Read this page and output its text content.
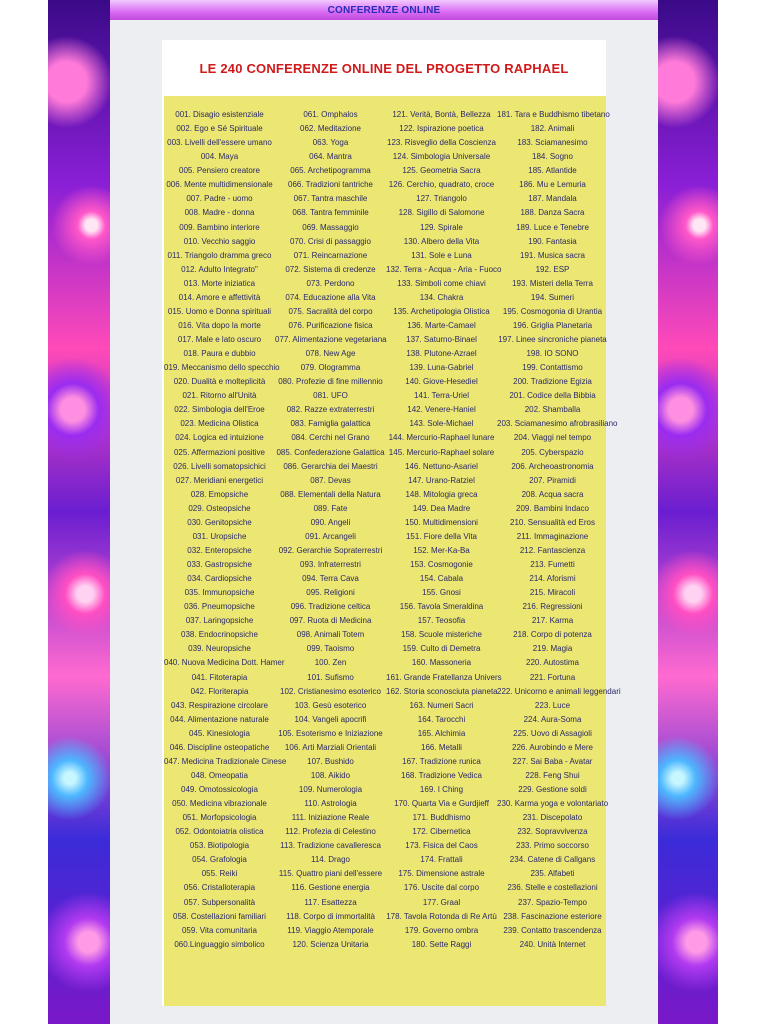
CONFERENZE ONLINE
LE 240 CONFERENZE ONLINE DEL PROGETTO RAPHAEL
001. Disagio esistenziale
002. Ego e Sé Spirituale
003. Livelli dell'essere umano
004. Maya
005. Pensiero creatore
006. Mente multidimensionale
007. Padre - uomo
008. Madre - donna
009. Bambino interiore
010. Vecchio saggio
011. Triangolo dramma greco
012. Adulto Integrato"
013. Morte iniziatica
014. Amore e affettività
015. Uomo e Donna spirituali
016. Vita dopo la morte
017. Male e lato oscuro
018. Paura e dubbio
019. Meccanismo dello specchio
020. Dualità e molteplicità
021. Ritorno all'Unità
022. Simbologia dell'Eroe
023. Medicina Olistica
024. Logica ed intuizione
025. Affermazioni positive
026. Livelli somatopsichici
027. Meridiani energetici
028. Emopsiche
029. Osteopsiche
030. Genitopsiche
031. Uropsiche
032. Enteropsiche
033. Gastropsiche
034. Cardiopsiche
035. Immunopsiche
036. Pneumopsiche
037. Laringopsiche
038. Endocrinopsiche
039. Neuropsiche
040. Nuova Medicina Dott. Hamer
041. Fitoterapia
042. Floriterapia
043. Respirazione circolare
044. Alimentazione naturale
045. Kinesiologia
046. Discipline osteopatiche
047. Medicina Tradizionale Cinese
048. Omeopatia
049. Omotossicologia
050. Medicina vibrazionale
051. Morfopsicologia
052. Odontoiatria olistica
053. Biotipologia
054. Grafologia
055. Reiki
056. Cristalloterapia
057. Subpersonalità
058. Costellazioni familiari
059. Vita comunitaria
060.Linguaggio simbolico
061. Omphalos
062. Meditazione
063. Yoga
064. Mantra
065. Archetipogramma
066. Tradizioni tantriche
067. Tantra maschile
068. Tantra femminile
069. Massaggio
070. Crisi di passaggio
071. Reincarnazione
072. Sistema di credenze
073. Perdono
074. Educazione alla Vita
075. Sacralità del corpo
076. Purificazione fisica
077. Alimentazione vegetariana
078. New Age
079. Ologramma
080. Profezie di fine millennio
081. UFO
082. Razze extraterrestri
083. Famiglia galattica
084. Cerchi nel Grano
085. Confederazione Galattica
086. Gerarchia dei Maestri
087. Devas
088. Elementali della Natura
089. Fate
090. Angeli
091. Arcangeli
092. Gerarchie Sopraterrestri
093. Infraterrestri
094. Terra Cava
095. Religioni
096. Tradizione celtica
097. Ruota di Medicina
098. Animali Totem
099. Taoismo
100. Zen
101. Sufismo
102. Cristianesimo esoterico
103. Gesù esoterico
104. Vangeli apocrifi
105. Esoterismo e Iniziazione
106. Arti Marziali Orientali
107. Bushido
108. Aikido
109. Numerologia
110. Astrologia
111. Iniziazione Reale
112. Profezia di Celestino
113. Tradizione cavalleresca
114. Drago
115. Quattro piani dell'essere
116. Gestione energia
117. Esattezza
118. Corpo di immortalità
119. Viaggio Atemporale
120. Scienza Unitaria
121. Verità, Bontà, Bellezza
122. Ispirazione poetica
123. Risveglio della Coscienza
124. Simbologia Universale
125. Geometria Sacra
126. Cerchio, quadrato, croce
127. Triangolo
128. Sigillo di Salomone
129. Spirale
130. Albero della Vita
131. Sole e Luna
132. Terra - Acqua - Aria - Fuoco
133. Simboli come chiavi
134. Chakra
135. Archetipologia Olistica
136. Marte-Camael
137. Saturno-Binael
138. Plutone-Azrael
139. Luna-Gabriel
140. Giove-Hesediel
141. Terra-Uriel
142. Venere-Haniel
143. Sole-Michael
144. Mercurio-Raphael lunare
145. Mercurio-Raphael solare
146. Nettuno-Asariel
147. Urano-Ratziel
148. Mitologia greca
149. Dea Madre
150. Multidimensioni
151. Fiore della Vita
152. Mer-Ka-Ba
153. Cosmogonie
154. Cabala
155. Gnosi
156. Tavola Smeraldina
157. Teosofia
158. Scuole misteriche
159. Culto di Demetra
160. Massoneria
161. Grande Fratellanza Univers
162. Storia sconosciuta pianeta
163. Numeri Sacri
164. Tarocchi
165. Alchimia
166. Metalli
167. Tradizione runica
168. Tradizione Vedica
169. I Ching
170. Quarta Via e Gurdjieff
171. Buddhismo
172. Cibernetica
173. Fisica del Caos
174. Frattali
175. Dimensione astrale
176. Uscite dal corpo
177. Graal
178. Tavola Rotonda di Re Artù
179. Governo ombra
180. Sette Raggi
181. Tara e Buddhismo tibetano
182. Animali
183. Sciamanesimo
184. Sogno
185. Atlantide
186. Mu e Lemuria
187. Mandala
188. Danza Sacra
189. Luce e Tenebre
190. Fantasia
191. Musica sacra
192. ESP
193. Misteri della Terra
194. Sumeri
195. Cosmogonia di Urantia
196. Griglia Planetaria
197. Linee sincroniche pianeta
198. IO SONO
199. Contattismo
200. Tradizione Egizia
201. Codice della Bibbia
202. Shamballa
203. Sciamanesimo afrobrasiliano
204. Viaggi nel tempo
205. Cyberspazio
206. Archeoastronomia
207. Piramidi
208. Acqua sacra
209. Bambini Indaco
210. Sensualità ed Eros
211. Immaginazione
212. Fantascienza
213. Fumetti
214. Aforismi
215. Miracoli
216. Regressioni
217. Karma
218. Corpo di potenza
219. Magia
220. Autostima
221. Fortuna
222. Unicorno e animali leggendari
223. Luce
224. Aura-Soma
225. Uovo di Assagioli
226. Aurobindo e Mere
227. Sai Baba - Avatar
228. Feng Shui
229. Gestione soldi
230. Karma yoga e volontariato
231. Discepolato
232. Sopravvivenza
233. Primo soccorso
234. Catene di Callgans
235. Alfabeti
236. Stelle e costellazioni
237. Spazio-Tempo
238. Fascinazione esteriore
239. Contatto trascendenza
240. Unità Internet
